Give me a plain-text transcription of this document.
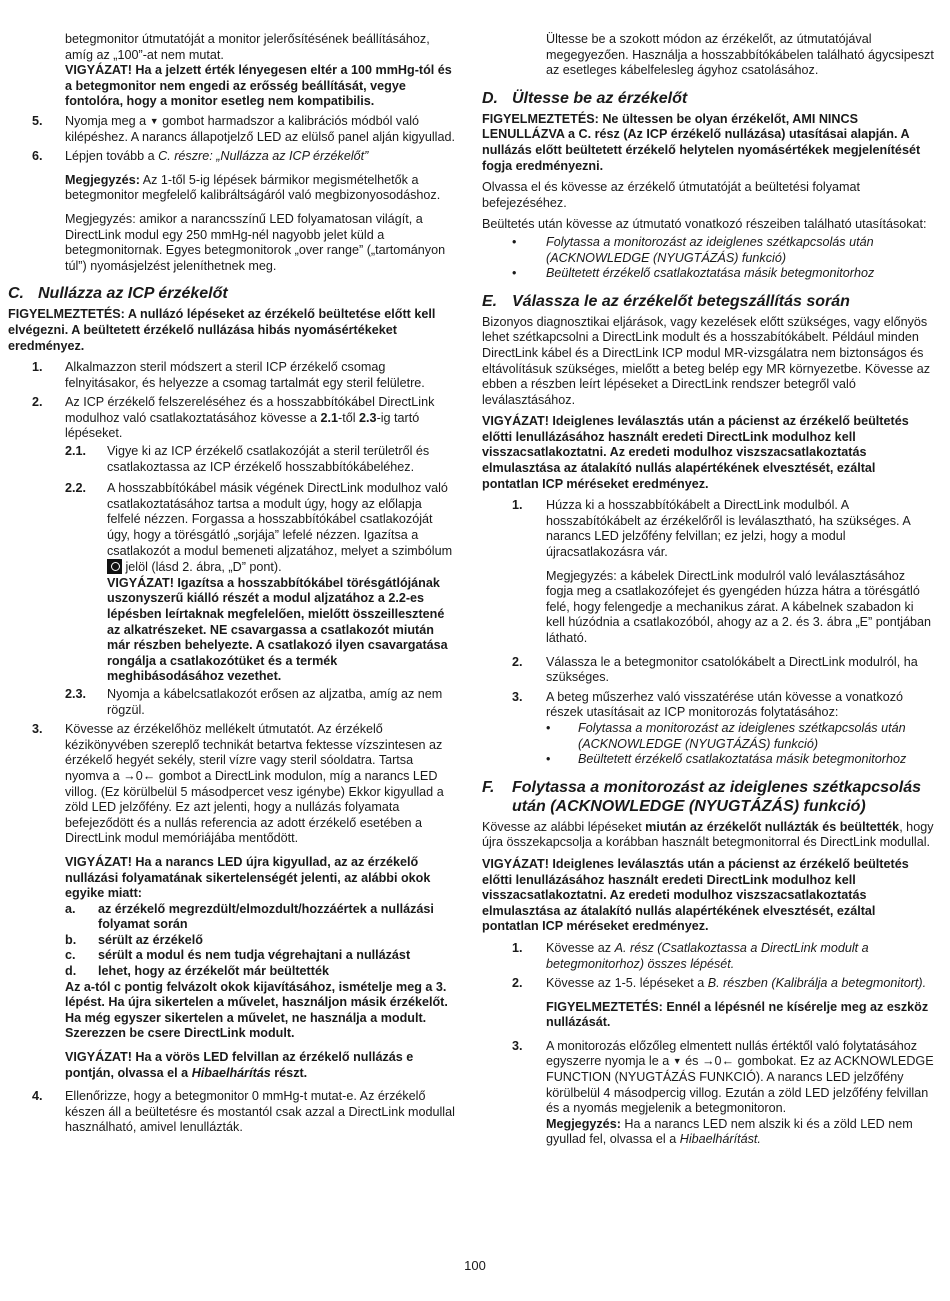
betegmonitor útmutatóját a monitor jelerősítésének beállításához, amíg az „100”-at nem mutat.

VIGYÁZAT! Ha a jelzett érték lényegesen eltér a 100 mmHg-tól és a betegmonitor nem engedi az erősség beállítását, vegye fontolóra, hogy a monitor esetleg nem kompatibilis.

5. Nyomja meg a ▼ gombot harmadszor a kalibrációs módból való kilépéshez. A narancs állapotjelző LED az elülső panel alján kigyullad.
6. Lépjen tovább a C. részre: „Nullázza az ICP érzékelőt”

Megjegyzés: Az 1-től 5-ig lépések bármikor megismételhetők a betegmonitor megfelelő kalibráltságáról való megbizonyosodáshoz.

Megjegyzés: amikor a narancsszínű LED folyamatosan világít, a DirectLink modul egy 250 mmHg-nél nagyobb jelet küld a betegmonitornak. Egyes betegmonitorok „over range” („tartományon túl”) nyomásjelzést jeleníthetnek meg.

C. Nullázza az ICP érzékelőt

FIGYELMEZTETÉS: A nullázó lépéseket az érzékelő beültetése előtt kell elvégezni. A beültetett érzékelő nullázása hibás nyomásértékeket eredményez.

1. Alkalmazzon steril módszert a steril ICP érzékelő csomag felnyitásakor, és helyezze a csomag tartalmát egy steril felületre.
2. Az ICP érzékelő felszereléséhez és a hosszabbítókábel DirectLink modulhoz való csatlakoztatásához kövesse a 2.1-től 2.3-ig tartó lépéseket.
2.1. Vigye ki az ICP érzékelő csatlakozóját a steril területről és csatlakoztassa az ICP érzékelő hosszabbítókábeléhez.
2.2. A hosszabbítókábel másik végének DirectLink modulhoz való csatlakoztatásához tartsa a modult úgy, hogy az előlapja felfelé nézzen. Forgassa a hosszabbítókábel csatlakozóját úgy, hogy a törésgátló „sorjája” lefelé nézzen. Igazítsa a csatlakozót a modul bemeneti aljzatához, melyet a szimbólum  jelöl (lásd 2. ábra, „D” pont).
VIGYÁZAT! Igazítsa a hosszabbítókábel törésgátlójának uszonyszerű kiálló részét a modul aljzatához a 2.2-es lépésben leírtaknak megfelelően, mielőtt összeillesztené az alkatrészeket. NE csavargassa a csatlakozót miután már részben behelyezte. A csatlakozó ilyen csavargatása rongálja a csatlakozótüket és a termék meghibásodásához vezethet.
2.3. Nyomja a kábelcsatlakozót erősen az aljzatba, amíg az nem rögzül.
3. Kövesse az érzékelőhöz mellékelt útmutatót. Az érzékelő kézikönyvében szereplő technikát betartva fektesse vízszintesen az érzékelő hegyét sekély, steril vízre vagy steril sóoldatra. Tartsa nyomva a →0← gombot a DirectLink modulon, míg a narancs LED villog. (Ez körülbelül 5 másodpercet vesz igénybe) Ekkor kigyullad a zöld LED jelzőfény. Ez azt jelenti, hogy a nullázás folyamata befejeződött és a nullás referencia az adott érzékelő esetében a DirectLink modul memóriájába mentődött.

VIGYÁZAT! Ha a narancs LED újra kigyullad, az az érzékelő nullázási folyamatának sikertelenségét jelenti, az alábbi okok egyike miatt:

a. az érzékelő megrezdült/elmozdult/hozzáértek a nullázási folyamat során
b. sérült az érzékelő
c. sérült a modul és nem tudja végrehajtani a nullázást
d. lehet, hogy az érzékelőt már beültették

Az a-tól c pontig felvázolt okok kijavításához, ismételje meg a 3. lépést. Ha újra sikertelen a művelet, használjon másik érzékelőt. Ha még egyszer sikertelen a művelet, ne használja a modult. Szerezzen be cserе DirectLink modult.

VIGYÁZAT! Ha a vörös LED felvillan az érzékelő nullázás e pontján, olvassa el a Hibaelhárítás részt.

4. Ellenőrizze, hogy a betegmonitor 0 mmHg-t mutat-e. Az érzékelő készen áll a beültetésre és mostantól csak azzal a DirectLink modullal használható, amivel lenullázták.

Ültesse be a szokott módon az érzékelőt, az útmutatójával megegyezően. Használja a hosszabbítókábelen található ágycsipeszt az esetleges kábelfelesleg ágyhoz csatolásához.

D. Ültesse be az érzékelőt

FIGYELMEZTETÉS: Ne ültessen be olyan érzékelőt, AMI NINCS LENULLÁZVA a C. rész (Az ICP érzékelő nullázása) utasításai alapján. A nullázás előtt beültetett érzékelő helytelen nyomásértékek megjelenítését fogja eredményezni.

Olvassa el és kövesse az érzékelő útmutatóját a beültetési folyamat befejezéséhez.

Beültetés után kövesse az útmutató vonatkozó részeiben található utasításokat:

• Folytassa a monitorozást az ideiglenes szétkapcsolás után (ACKNOWLEDGE (NYUGTÁZÁS) funkció)
• Beültetett érzékelő csatlakoztatása másik betegmonitorhoz
E. Válassza le az érzékelőt betegszállítás során

Bizonyos diagnosztikai eljárások, vagy kezelések előtt szükséges, vagy előnyös lehet szétkapcsolni a DirectLink modult és a hosszabítókábelt. Például minden DirectLink kábel és a DirectLink ICP modul MR-vizsgálatra nem biztonságos és eltávolításuk szükséges, mielőtt a beteg belép egy MR környezetbe. Kövesse az ebben a részben leírt lépéseket a DirectLink rendszer betegről való leválasztásához.

VIGYÁZAT! Ideiglenes leválasztás után a pácienst az érzékelő beültetés előtti lenullázásához használt eredeti DirectLink modulhoz kell visszacsatlakoztatni. Az eredeti modulhoz viszszacsatlakoztatás elmulasztása az átalakító nullás alapértékének elvesztését, ezáltal pontatlan ICP méréseket eredményez.

1. Húzza ki a hosszabbítókábelt a DirectLink modulból. A hosszabítókábelt az érzékelőről is leválasztható, ha szükséges. A narancs LED jelzőfény felvillan; ez jelzi, hogy a modul újracsatlakozásra vár.

Megjegyzés: a kábelek DirectLink modulról való leválasztásához fogja meg a csatlakozófejet és gyengéden húzza hátra a törésgátló felé, hogy felengedje a mechanikus zárat. A kábelnek szabadon ki kell húzódnia a csatlakozóból, ahogy az a 2. és 3. ábra „E” pontjában látható.

2. Válassza le a betegmonitor csatolókábelt a DirectLink modulról, ha szükséges.
3. A beteg műszerhez való visszatérése után kövesse a vonatkozó részek utasításait az ICP monitorozás folytatásához:
• Folytassa a monitorozást az ideiglenes szétkapcsolás után (ACKNOWLEDGE (NYUGTÁZÁS) funkció)
• Beültetett érzékelő csatlakoztatása másik betegmonitorhoz
F. Folytassa a monitorozást az ideiglenes szétkapcsolás után (ACKNOWLEDGE (NYUGTÁZÁS) funkció)

Kövesse az alábbi lépéseket miután az érzékelőt nullázták és beültették, hogy újra összekapcsolja a korábban használt betegmonitorral és DirectLink modullal.

VIGYÁZAT! Ideiglenes leválasztás után a pácienst az érzékelő beültetés előtti lenullázásához használt eredeti DirectLink modulhoz kell visszacsatlakoztatni. Az eredeti modulhoz viszszacsatlakoztatás elmulasztása az átalakító nullás alapértékének elvesztését, ezáltal pontatlan ICP méréseket eredményez.

1. Kövesse az A. rész (Csatlakoztassa a DirectLink modult a betegmonitorhoz) összes lépését.
2. Kövesse az 1-5. lépéseket a B. részben (Kalibrálja a betegmonitort).

FIGYELMEZTETÉS: Ennél a lépésnél ne kísérelje meg az eszköz nullázását.

3. A monitorozás előzőleg elmentett nullás értéktől való folytatásához egyszerre nyomja le a ▼ és →0← gombokat. Ez az ACKNOWLEDGE FUNCTION (NYUGTÁZÁS FUNKCIÓ). A narancs LED jelzőfény körülbelül 4 másodpercig villog. Ezután a zöld LED jelzőfény felvillan és a nyomás megjelenik a betegmonitoron.
Megjegyzés: Ha a narancs LED nem alszik ki és a zöld LED nem gyullad fel, olvassa el a Hibaelhárítást.
100
